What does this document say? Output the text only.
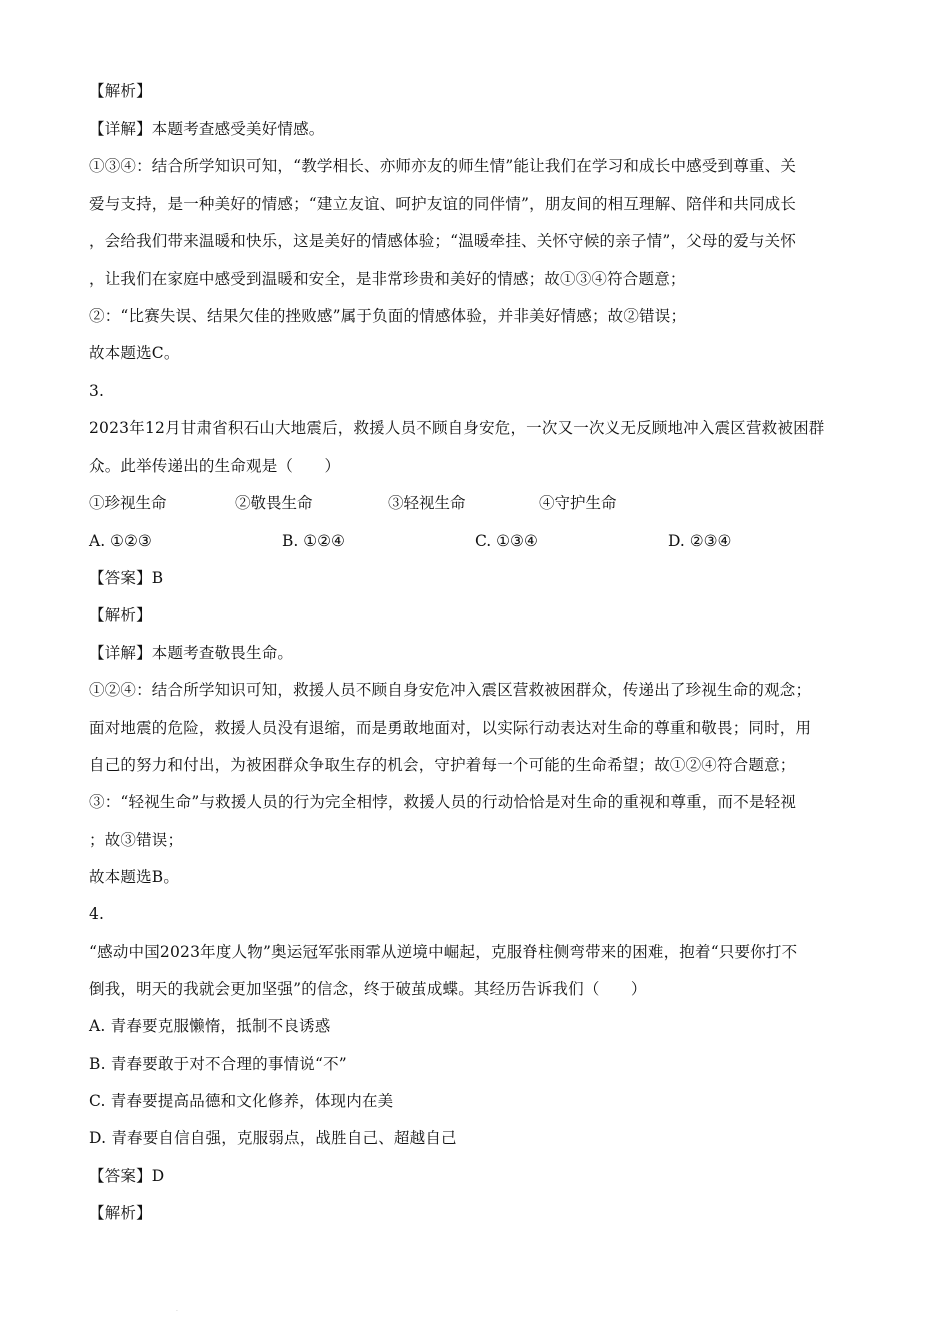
【解析】
【详解】本题考查感受美好情感。
①③④：结合所学知识可知，“教学相长、亦师亦友的师生情”能让我们在学习和成长中感受到尊重、关
爱与支持，是一种美好的情感；“建立友谊、呵护友谊的同伴情”，朋友间的相互理解、陪伴和共同成长
，会给我们带来温暖和快乐，这是美好的情感体验；“温暖牵挂、关怀守候的亲子情”，父母的爱与关怀
，让我们在家庭中感受到温暖和安全，是非常珍贵和美好的情感；故①③④符合题意；
②：“比赛失误、结果欠佳的挫败感”属于负面的情感体验，并非美好情感；故②错误；
故本题选C。
3.
2023年12月甘肃省积石山大地震后，救援人员不顾自身安危，一次又一次义无反顾地冲入震区营救被困群
众。此举传递出的生命观是（　　）
①珍视生命	②敬畏生命	③轻视生命	④守护生命
A. ①②③	B. ①②④	C. ①③④	D. ②③④
【答案】B
【解析】
【详解】本题考查敬畏生命。
①②④：结合所学知识可知，救援人员不顾自身安危冲入震区营救被困群众，传递出了珍视生命的观念；
面对地震的危险，救援人员没有退缩，而是勇敢地面对，以实际行动表达对生命的尊重和敬畏；同时，用
自己的努力和付出，为被困群众争取生存的机会，守护着每一个可能的生命希望；故①②④符合题意；
③：“轻视生命”与救援人员的行为完全相悖，救援人员的行动恰恰是对生命的重视和尊重，而不是轻视
；故③错误；
故本题选B。
4.
“感动中国2023年度人物”奥运冠军张雨霏从逆境中崛起，克服脊柱侧弯带来的困难，抱着“只要你打不
倒我，明天的我就会更加坚强”的信念，终于破茧成蝶。其经历告诉我们（　　）
A. 青春要克服懒惰，抵制不良诱惑
B. 青春要敢于对不合理的事情说“不”
C. 青春要提高品德和文化修养，体现内在美
D. 青春要自信自强，克服弱点，战胜自己、超越自己
【答案】D
【解析】
·
